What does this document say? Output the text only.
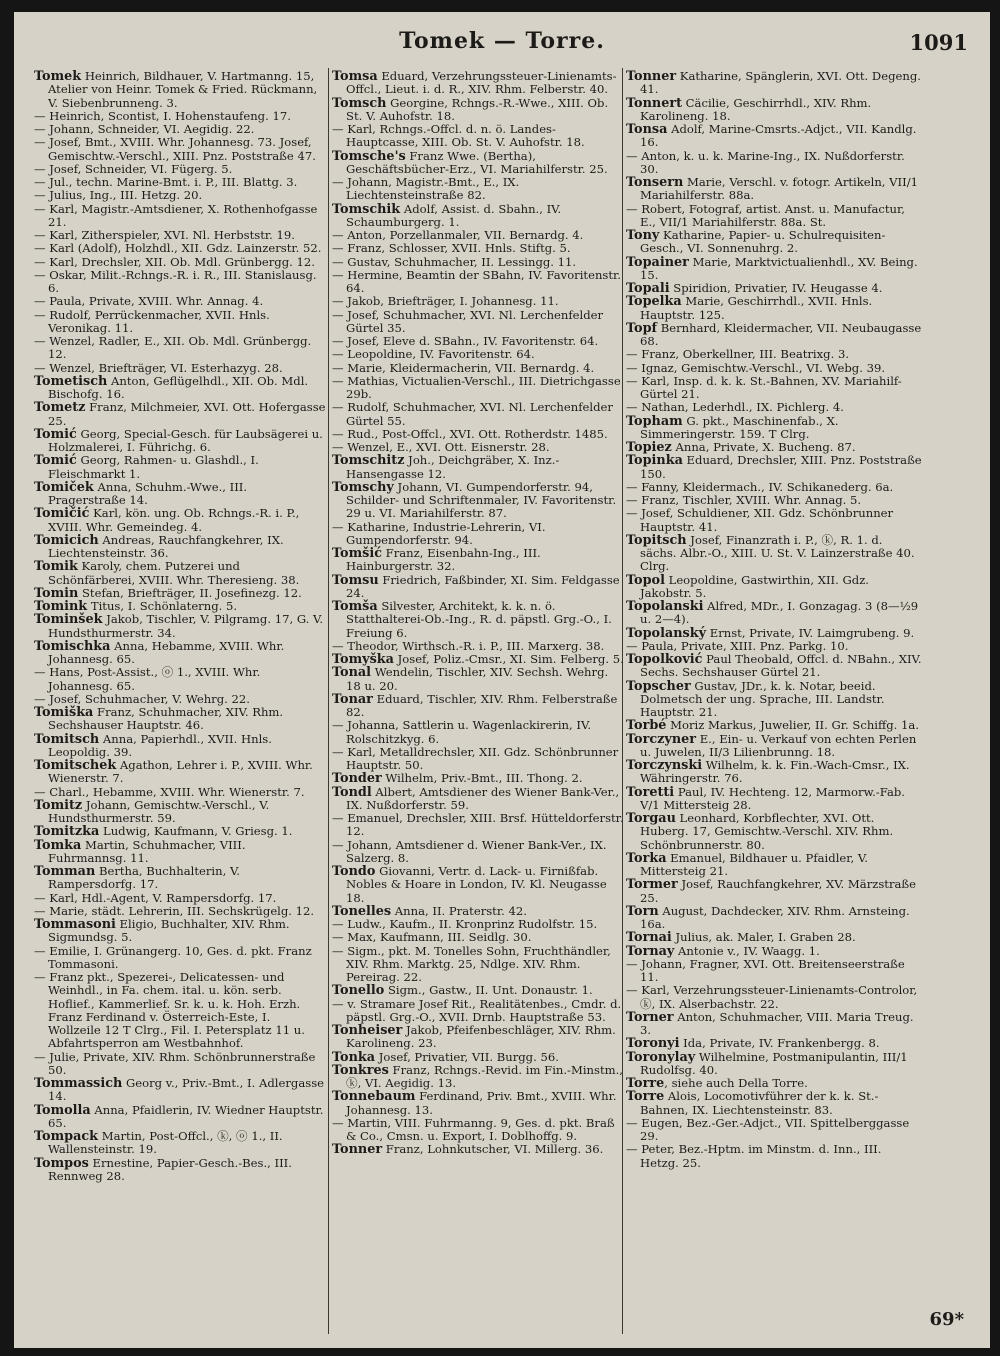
Tomek — Torre.	1091
Tomek Heinrich, Bildhauer, V. Hartmanng. 15, Atelier von Heinr. Tomek & Fried. Rückmann, V. Siebenbrunneng. 3.
— Heinrich, Scontist, I. Hohenstaufeng. 17.
— Johann, Schneider, VI. Aegidig. 22.
— Josef, Bmt., XVIII. Whr. Johannesg. 73. Josef, Gemischtw.-Verschl., XIII. Pnz. Poststraße 47.
— Josef, Schneider, VI. Fügerg. 5.
— Jul., techn. Marine-Bmt. i. P., III. Blattg. 3.
— Julius, Ing., III. Hetzg. 20.
— Karl, Magistr.-Amtsdiener, X. Rothenhofgasse 21.
— Karl, Zitherspieler, XVI. Nl. Herbststr. 19.
— Karl (Adolf), Holzhdl., XII. Gdz. Lainzerstr. 52.
— Karl, Drechsler, XII. Ob. Mdl. Grünbergg. 12.
— Oskar, Milit.-Rchngs.-R. i. R., III. Stanislausg. 6.
— Paula, Private, XVIII. Whr. Annag. 4.
— Rudolf, Perrückenmacher, XVII. Hnls. Veronikag. 11.
— Wenzel, Radler, E., XII. Ob. Mdl. Grünbergg. 12.
— Wenzel, Briefträger, VI. Esterhazyg. 28.
Tometisch Anton, Geflügelhdl., XII. Ob. Mdl. Bischofg. 16.
Tometz Franz, Milchmeier, XVI. Ott. Hofergasse 25.
Tomić Georg, Special-Gesch. für Laubsägerei u. Holzmalerei, I. Führichg. 6.
Tomić Georg, Rahmen- u. Glashdl., I. Fleischmarkt 1.
Tomiček Anna, Schuhm.-Wwe., III. Pragerstraße 14.
Tomičić Karl, kön. ung. Ob. Rchngs.-R. i. P., XVIII. Whr. Gemeindeg. 4.
Tomicich Andreas, Rauchfangkehrer, IX. Liechtensteinstr. 36.
Tomik Karoly, chem. Putzerei und Schönfärberei, XVIII. Whr. Theresieng. 38.
Tomin Stefan, Briefträger, II. Josefinezg. 12.
Tomink Titus, I. Schönlaterng. 5.
Tominšek Jakob, Tischler, V. Pilgramg. 17, G. V. Hundsthurmerstr. 34.
Tomischka Anna, Hebamme, XVIII. Whr. Johannesg. 65.
— Hans, Post-Assist., ⓞ 1., XVIII. Whr. Johannesg. 65.
— Josef, Schuhmacher, V. Wehrg. 22.
Tomiška Franz, Schuhmacher, XIV. Rhm. Sechshauser Hauptstr. 46.
Tomitsch Anna, Papierhdl., XVII. Hnls. Leopoldig. 39.
Tomitschek Agathon, Lehrer i. P., XVIII. Whr. Wienerstr. 7.
— Charl., Hebamme, XVIII. Whr. Wienerstr. 7.
Tomitz Johann, Gemischtw.-Verschl., V. Hundsthurmerstr. 59.
Tomitzka Ludwig, Kaufmann, V. Griesg. 1.
Tomka Martin, Schuhmacher, VIII. Fuhrmannsg. 11.
Tomman Bertha, Buchhalterin, V. Rampersdorfg. 17.
— Karl, Hdl.-Agent, V. Rampersdorfg. 17.
— Marie, städt. Lehrerin, III. Sechskrügelg. 12.
Tommasoni Eligio, Buchhalter, XIV. Rhm. Sigmundsg. 5.
— Emilie, I. Grünangerg. 10, Ges. d. pkt. Franz Tommasoni.
— Franz pkt., Spezerei-, Delicatessen- und Weinhdl., in Fa. chem. ital. u. kön. serb. Hoflief., Kammerlief. Sr. k. u. k. Hoh. Erzh. Franz Ferdinand v. Österreich-Este, I. Wollzeile 12 T Clrg., Fil. I. Petersplatz 11 u. Abfahrtsperron am Westbahnhof.
— Julie, Private, XIV. Rhm. Schönbrunnerstraße 50.
Tommassich Georg v., Priv.-Bmt., I. Adlergasse 14.
Tomolla Anna, Pfaidlerin, IV. Wiedner Hauptstr. 65.
Tompack Martin, Post-Offcl., ⓚ, ⓞ 1., II. Wallensteinstr. 19.
Tompos Ernestine, Papier-Gesch.-Bes., III. Rennweg 28.
Tomsa Eduard, Verzehrungssteuer-Linienamts-Offcl., Lieut. i. d. R., XIV. Rhm. Felberstr. 40.
Tomsch Georgine, Rchngs.-R.-Wwe., XIII. Ob. St. V. Auhofstr. 18.
— Karl, Rchngs.-Offcl. d. n. ö. Landes-Hauptcasse, XIII. Ob. St. V. Auhofstr. 18.
Tomsche's Franz Wwe. (Bertha), Geschäftsbücher-Erz., VI. Mariahilferstr. 25.
— Johann, Magistr.-Bmt., E., IX. Liechtensteinstraße 82.
Tomschik Adolf, Assist. d. Sbahn., IV. Schaumburgerg. 1.
— Anton, Porzellanmaler, VII. Bernardg. 4.
— Franz, Schlosser, XVII. Hnls. Stiftg. 5.
— Gustav, Schuhmacher, II. Lessingg. 11.
— Hermine, Beamtin der SBahn, IV. Favoritenstr. 64.
— Jakob, Briefträger, I. Johannesg. 11.
— Josef, Schuhmacher, XVI. Nl. Lerchenfelder Gürtel 35.
— Josef, Eleve d. SBahn., IV. Favoritenstr. 64.
— Leopoldine, IV. Favoritenstr. 64.
— Marie, Kleidermacherin, VII. Bernardg. 4.
— Mathias, Victualien-Verschl., III. Dietrichgasse 29b.
— Rudolf, Schuhmacher, XVI. Nl. Lerchenfelder Gürtel 55.
— Rud., Post-Offcl., XVI. Ott. Rotherdstr. 1485.
— Wenzel, E., XVI. Ott. Eisnerstr. 28.
Tomschitz Joh., Deichgräber, X. Inz.-Hansengasse 12.
Tomschy Johann, VI. Gumpendorferstr. 94, Schilder- und Schriftenmaler, IV. Favoritenstr. 29 u. VI. Mariahilferstr. 87.
— Katharine, Industrie-Lehrerin, VI. Gumpendorferstr. 94.
Tomšić Franz, Eisenbahn-Ing., III. Hainburgerstr. 32.
Tomsu Friedrich, Faßbinder, XI. Sim. Feldgasse 24.
Tomša Silvester, Architekt, k. k. n. ö. Statthalterei-Ob.-Ing., R. d. päpstl. Grg.-O., I. Freiung 6.
— Theodor, Wirthsch.-R. i. P., III. Marxerg. 38.
Tomyška Josef, Poliz.-Cmsr., XI. Sim. Felberg. 5.
Tonal Wendelin, Tischler, XIV. Sechsh. Wehrg. 18 u. 20.
Tonar Eduard, Tischler, XIV. Rhm. Felberstraße 82.
— Johanna, Sattlerin u. Wagenlackirerin, IV. Rolschitzkyg. 6.
— Karl, Metalldrechsler, XII. Gdz. Schönbrunner Hauptstr. 50.
Tonder Wilhelm, Priv.-Bmt., III. Thong. 2.
Tondl Albert, Amtsdiener des Wiener Bank-Ver., IX. Nußdorferstr. 59.
— Emanuel, Drechsler, XIII. Brsf. Hütteldorferstr. 12.
— Johann, Amtsdiener d. Wiener Bank-Ver., IX. Salzerg. 8.
Tondo Giovanni, Vertr. d. Lack- u. Firnißfab. Nobles & Hoare in London, IV. Kl. Neugasse 18.
Tonelles Anna, II. Praterstr. 42.
— Ludw., Kaufm., II. Kronprinz Rudolfstr. 15.
— Max, Kaufmann, III. Seidlg. 30.
— Sigm., pkt. M. Tonelles Sohn, Fruchthändler, XIV. Rhm. Marktg. 25, Ndlge. XIV. Rhm. Pereirag. 22.
Tonello Sigm., Gastw., II. Unt. Donaustr. 1.
— v. Stramare Josef Rit., Realitätenbes., Cmdr. d. päpstl. Grg.-O., XVII. Drnb. Hauptstraße 53.
Tonheiser Jakob, Pfeifenbeschläger, XIV. Rhm. Karolineng. 23.
Tonka Josef, Privatier, VII. Burgg. 56.
Tonkres Franz, Rchngs.-Revid. im Fin.-Minstm., ⓚ, VI. Aegidig. 13.
Tonnebaum Ferdinand, Priv. Bmt., XVIII. Whr. Johannesg. 13.
— Martin, VIII. Fuhrmanng. 9, Ges. d. pkt. Braß & Co., Cmsn. u. Export, I. Doblhoffg. 9.
Tonner Franz, Lohnkutscher, VI. Millerg. 36.
Tonner Katharine, Spänglerin, XVI. Ott. Degeng. 41.
Tonnert Cäcilie, Geschirrhdl., XIV. Rhm. Karolineng. 18.
Tonsa Adolf, Marine-Cmsrts.-Adjct., VII. Kandlg. 16.
— Anton, k. u. k. Marine-Ing., IX. Nußdorferstr. 30.
Tonsern Marie, Verschl. v. fotogr. Artikeln, VII/1 Mariahilferstr. 88a.
— Robert, Fotograf, artist. Anst. u. Manufactur, E., VII/1 Mariahilferstr. 88a. St.
Tony Katharine, Papier- u. Schulrequisiten-Gesch., VI. Sonnenuhrg. 2.
Topainer Marie, Marktvictualienhdl., XV. Being. 15.
Topali Spiridion, Privatier, IV. Heugasse 4.
Topelka Marie, Geschirrhdl., XVII. Hnls. Hauptstr. 125.
Topf Bernhard, Kleidermacher, VII. Neubaugasse 68.
— Franz, Oberkellner, III. Beatrixg. 3.
— Ignaz, Gemischtw.-Verschl., VI. Webg. 39.
— Karl, Insp. d. k. k. St.-Bahnen, XV. Mariahilf-Gürtel 21.
— Nathan, Lederhdl., IX. Pichlerg. 4.
Topham G. pkt., Maschinenfab., X. Simmeringerstr. 159. T Clrg.
Topiez Anna, Private, X. Bucheng. 87.
Topinka Eduard, Drechsler, XIII. Pnz. Poststraße 150.
— Fanny, Kleidermach., IV. Schikanederg. 6a.
— Franz, Tischler, XVIII. Whr. Annag. 5.
— Josef, Schuldiener, XII. Gdz. Schönbrunner Hauptstr. 41.
Topitsch Josef, Finanzrath i. P., ⓚ, R. 1. d. sächs. Albr.-O., XIII. U. St. V. Lainzerstraße 40. Clrg.
Topol Leopoldine, Gastwirthin, XII. Gdz. Jakobstr. 5.
Topolanski Alfred, MDr., I. Gonzagag. 3 (8—½9 u. 2—4).
Topolanský Ernst, Private, IV. Laimgrubeng. 9.
— Paula, Private, XIII. Pnz. Parkg. 10.
Topolković Paul Theobald, Offcl. d. NBahn., XIV. Sechs. Sechshauser Gürtel 21.
Topscher Gustav, JDr., k. k. Notar, beeid. Dolmetsch der ung. Sprache, III. Landstr. Hauptstr. 21.
Torbé Moriz Markus, Juwelier, II. Gr. Schiffg. 1a.
Torczyner E., Ein- u. Verkauf von echten Perlen u. Juwelen, II/3 Lilienbrunng. 18.
Torczynski Wilhelm, k. k. Fin.-Wach-Cmsr., IX. Währingerstr. 76.
Toretti Paul, IV. Hechteng. 12, Marmorw.-Fab. V/1 Mittersteig 28.
Torgau Leonhard, Korbflechter, XVI. Ott. Huberg. 17, Gemischtw.-Verschl. XIV. Rhm. Schönbrunnerstr. 80.
Torka Emanuel, Bildhauer u. Pfaidler, V. Mittersteig 21.
Tormer Josef, Rauchfangkehrer, XV. Märzstraße 25.
Torn August, Dachdecker, XIV. Rhm. Arnsteing. 16a.
Tornai Julius, ak. Maler, I. Graben 28.
Tornay Antonie v., IV. Waagg. 1.
— Johann, Fragner, XVI. Ott. Breitenseerstraße 11.
— Karl, Verzehrungssteuer-Linienamts-Controlor, ⓚ, IX. Alserbachstr. 22.
Torner Anton, Schuhmacher, VIII. Maria Treug. 3.
Toronyi Ida, Private, IV. Frankenbergg. 8.
Toronylay Wilhelmine, Postmanipulantin, III/1 Rudolfsg. 40.
Torre, siehe auch Della Torre.
Torre Alois, Locomotivführer der k. k. St.-Bahnen, IX. Liechtensteinstr. 83.
— Eugen, Bez.-Ger.-Adjct., VII. Spittelberggasse 29.
— Peter, Bez.-Hptm. im Minstm. d. Inn., III. Hetzg. 25.
69*
